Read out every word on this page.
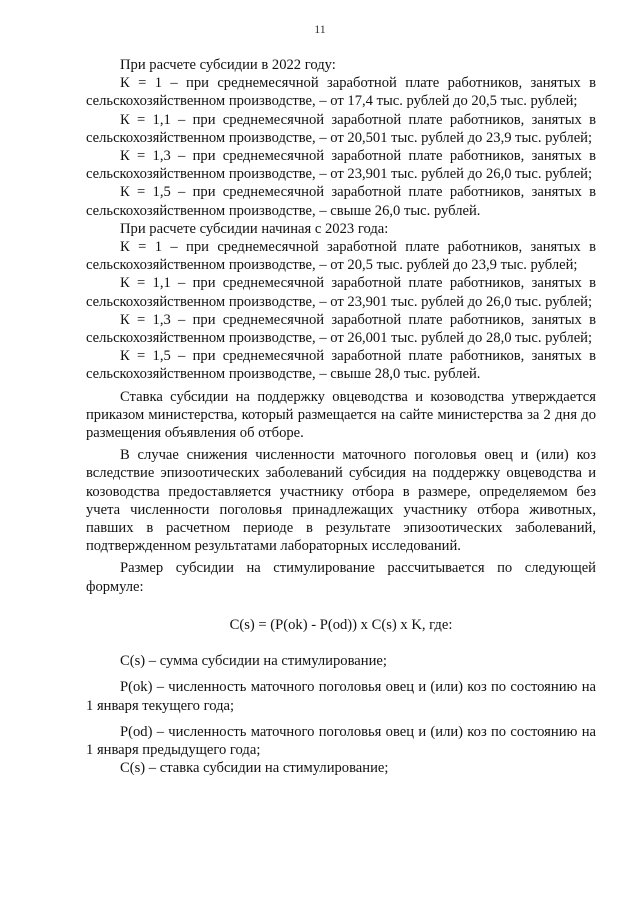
11

При расчете субсидии в 2022 году:

К = 1 – при среднемесячной заработной плате работников, занятых в сельскохозяйственном производстве, – от 17,4 тыс. рублей до 20,5 тыс. рублей;

К = 1,1 – при среднемесячной заработной плате работников, занятых в сельскохозяйственном производстве, – от 20,501 тыс. рублей до 23,9 тыс. рублей;

К = 1,3 – при среднемесячной заработной плате работников, занятых в сельскохозяйственном производстве, – от 23,901 тыс. рублей до 26,0 тыс. рублей;

К = 1,5 – при среднемесячной заработной плате работников, занятых в сельскохозяйственном производстве, – свыше 26,0 тыс. рублей.

При расчете субсидии начиная с 2023 года:

К = 1 – при среднемесячной заработной плате работников, занятых в сельскохозяйственном производстве, – от 20,5 тыс. рублей до 23,9 тыс. рублей;

К = 1,1 – при среднемесячной заработной плате работников, занятых в сельскохозяйственном производстве, – от 23,901 тыс. рублей до 26,0 тыс. рублей;

К = 1,3 – при среднемесячной заработной плате работников, занятых в сельскохозяйственном производстве, – от 26,001 тыс. рублей до 28,0 тыс. рублей;

К = 1,5 – при среднемесячной заработной плате работников, занятых в сельскохозяйственном производстве, – свыше 28,0 тыс. рублей.

Ставка субсидии на поддержку овцеводства и козоводства утверждается приказом министерства, который размещается на сайте министерства за 2 дня до размещения объявления об отборе.

В случае снижения численности маточного поголовья овец и (или) коз вследствие эпизоотических заболеваний субсидия на поддержку овцеводства и козоводства предоставляется участнику отбора в размере, определяемом без учета численности поголовья принадлежащих участнику отбора животных, павших в расчетном периоде в результате эпизоотических заболеваний, подтвержденном результатами лабораторных исследований.

Размер субсидии на стимулирование рассчитывается по следующей формуле:

C(s) = (P(ok) - P(od)) x C(s) x K, где:

C(s) – сумма субсидии на стимулирование;

P(ok) – численность маточного поголовья овец и (или) коз по состоянию на 1 января текущего года;

P(od) – численность маточного поголовья овец и (или) коз по состоянию на 1 января предыдущего года;

C(s) – ставка субсидии на стимулирование;
